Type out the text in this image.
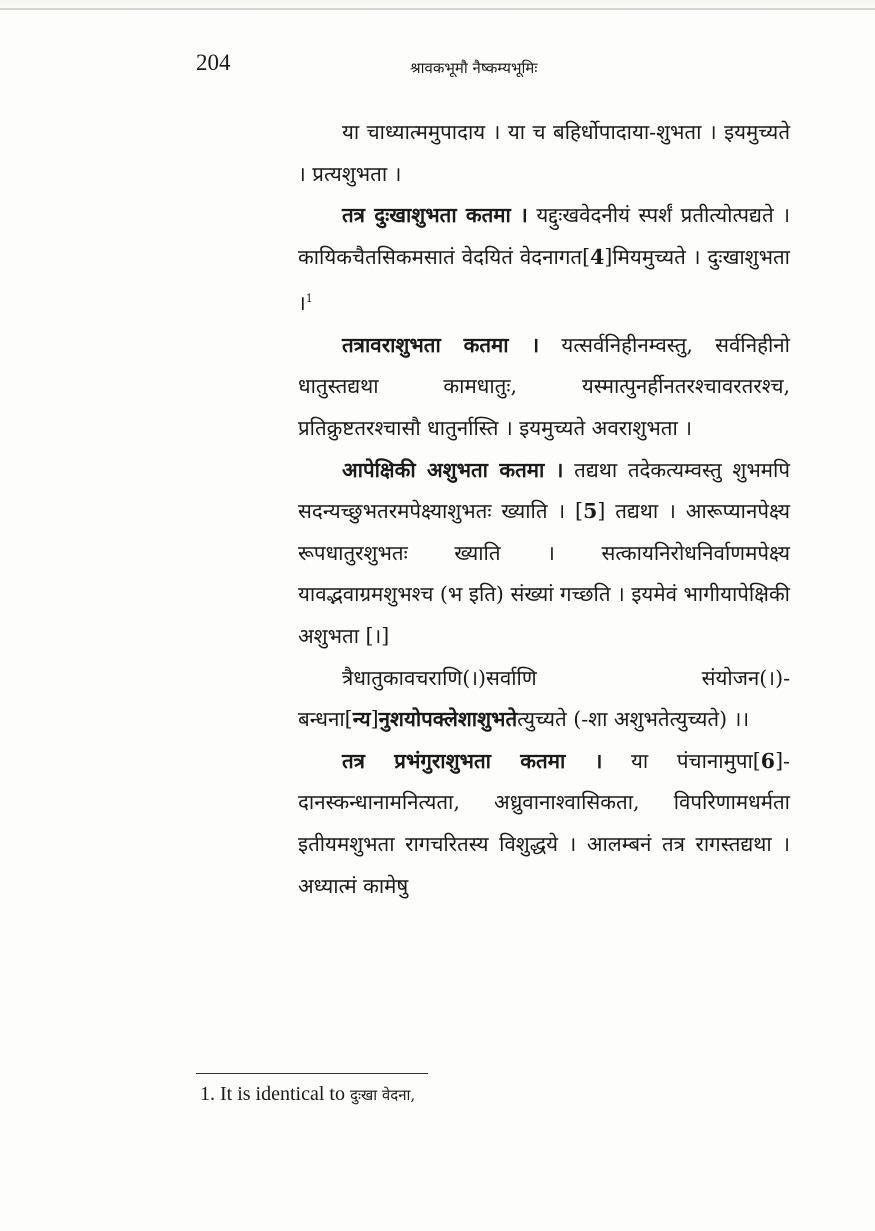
204	श्रावकभूमौ नैष्कम्यभूमिः

या चाध्यात्ममुपादाय । या च बहिर्धोपादाया-शुभता । इयमुच्यते । प्रत्यशुभता ।

तत्र दुःखाशुभता कतमा । यद्दुःखवेदनीयं स्पर्शं प्रतीत्योत्पद्यते । कायिकचैतसिकमसातं वेदयितं वेदनागत[4]मियमुच्यते । दुःखाशुभता ।$^1$

तत्रावराशुभता कतमा । यत्सर्वनिहीनम्वस्तु, सर्वनिहीनो धातुस्तद्यथा कामधातुः, यस्मात्पुनर्हीनतरश्चावरतरश्च, प्रतिक्रुष्टतरश्चासौ धातुर्नास्ति । इयमुच्यते अवराशुभता ।

आपेक्षिकी अशुभता कतमा । तद्यथा तदेकत्यम्वस्तु शुभमपि सदन्यच्छुभतरमपेक्ष्याशुभतः ख्याति । [5] तद्यथा । आरूप्यानपेक्ष्य रूपधातुरशुभतः ख्याति । सत्कायनिरोधनिर्वाणमपेक्ष्य यावद्भवाग्रमशुभश्च (भ इति) संख्यां गच्छति । इयमेवं भागीयापेक्षिकी अशुभता [।]

त्रैधातुकावचराणि(।)सर्वाणि संयोजन(।)-बन्धना[न्य]नुशयोपक्लेशाशुभतेत्युच्यते (-शा अशुभतेत्युच्यते) ।।

तत्र प्रभंगुराशुभता कतमा । या पंचानामुपा[6]-दानस्कन्धानामनित्यता, अध्रुवानाश्वासिकता, विपरिणामधर्मता इतीयमशुभता रागचरितस्य विशुद्धये । आलम्बनं तत्र रागस्तद्यथा । अध्यात्मं कामेषु

1. It is identical to दुःखा वेदना,
